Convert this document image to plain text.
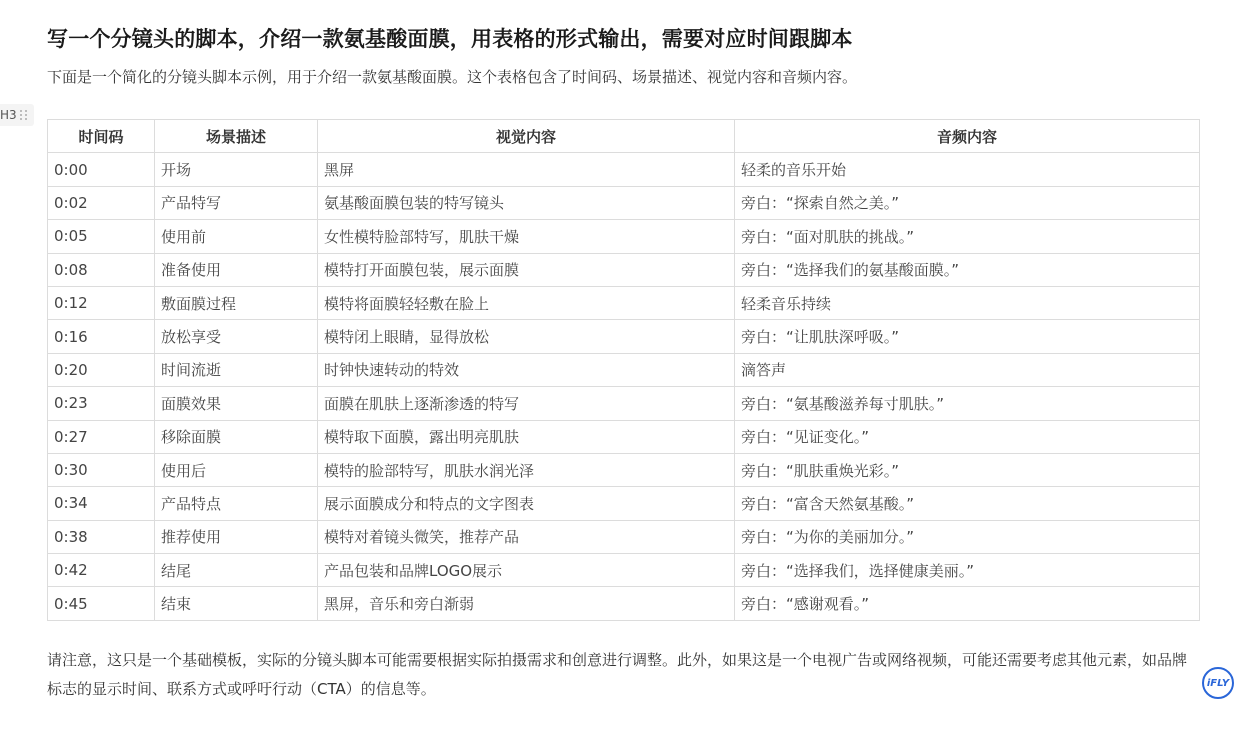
写一个分镜头的脚本，介绍一款氨基酸面膜，用表格的形式输出，需要对应时间跟脚本
下面是一个简化的分镜头脚本示例，用于介绍一款氨基酸面膜。这个表格包含了时间码、场景描述、视觉内容和音频内容。
H3
时间码	场景描述	视觉内容	音频内容
0:00	开场	黑屏	轻柔的音乐开始
0:02	产品特写	氨基酸面膜包装的特写镜头	旁白：“探索自然之美。”
0:05	使用前	女性模特脸部特写，肌肤干燥	旁白：“面对肌肤的挑战。”
0:08	准备使用	模特打开面膜包装，展示面膜	旁白：“选择我们的氨基酸面膜。”
0:12	敷面膜过程	模特将面膜轻轻敷在脸上	轻柔音乐持续
0:16	放松享受	模特闭上眼睛，显得放松	旁白：“让肌肤深呼吸。”
0:20	时间流逝	时钟快速转动的特效	滴答声
0:23	面膜效果	面膜在肌肤上逐渐渗透的特写	旁白：“氨基酸滋养每寸肌肤。”
0:27	移除面膜	模特取下面膜，露出明亮肌肤	旁白：“见证变化。”
0:30	使用后	模特的脸部特写，肌肤水润光泽	旁白：“肌肤重焕光彩。”
0:34	产品特点	展示面膜成分和特点的文字图表	旁白：“富含天然氨基酸。”
0:38	推荐使用	模特对着镜头微笑，推荐产品	旁白：“为你的美丽加分。”
0:42	结尾	产品包装和品牌LOGO展示	旁白：“选择我们，选择健康美丽。”
0:45	结束	黑屏，音乐和旁白渐弱	旁白：“感谢观看。”
请注意，这只是一个基础模板，实际的分镜头脚本可能需要根据实际拍摄需求和创意进行调整。此外，如果这是一个电视广告或网络视频，可能还需要考虑其他元素，如品牌标志的显示时间、联系方式或呼吁行动（CTA）的信息等。	iFLY
